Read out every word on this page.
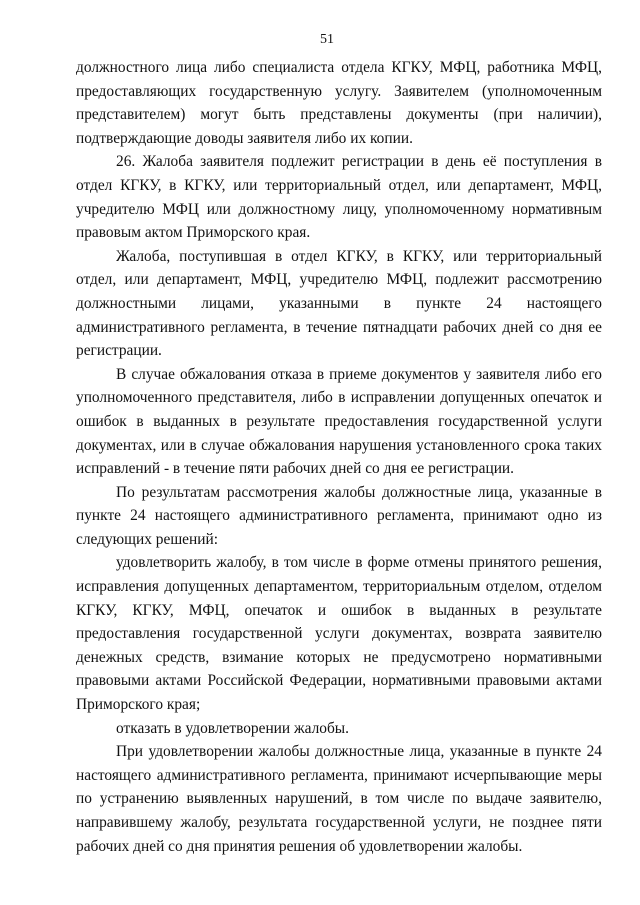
51

должностного лица либо специалиста отдела КГКУ, МФЦ, работника МФЦ, предоставляющих государственную услугу. Заявителем (уполномоченным представителем) могут быть представлены документы (при наличии), подтверждающие доводы заявителя либо их копии.

26. Жалоба заявителя подлежит регистрации в день её поступления в отдел КГКУ, в КГКУ, или территориальный отдел, или департамент, МФЦ, учредителю МФЦ или должностному лицу, уполномоченному нормативным правовым актом Приморского края.

Жалоба, поступившая в отдел КГКУ, в КГКУ, или территориальный отдел, или департамент, МФЦ, учредителю МФЦ, подлежит рассмотрению должностными лицами, указанными в пункте 24 настоящего административного регламента, в течение пятнадцати рабочих дней со дня ее регистрации.

В случае обжалования отказа в приеме документов у заявителя либо его уполномоченного представителя, либо в исправлении допущенных опечаток и ошибок в выданных в результате предоставления государственной услуги документах, или в случае обжалования нарушения установленного срока таких исправлений - в течение пяти рабочих дней со дня ее регистрации.

По результатам рассмотрения жалобы должностные лица, указанные в пункте 24 настоящего административного регламента, принимают одно из следующих решений:

удовлетворить жалобу, в том числе в форме отмены принятого решения, исправления допущенных департаментом, территориальным отделом, отделом КГКУ, КГКУ, МФЦ, опечаток и ошибок в выданных в результате предоставления государственной услуги документах, возврата заявителю денежных средств, взимание которых не предусмотрено нормативными правовыми актами Российской Федерации, нормативными правовыми актами Приморского края;

отказать в удовлетворении жалобы.

При удовлетворении жалобы должностные лица, указанные в пункте 24 настоящего административного регламента, принимают исчерпывающие меры по устранению выявленных нарушений, в том числе по выдаче заявителю, направившему жалобу, результата государственной услуги, не позднее пяти рабочих дней со дня принятия решения об удовлетворении жалобы.
